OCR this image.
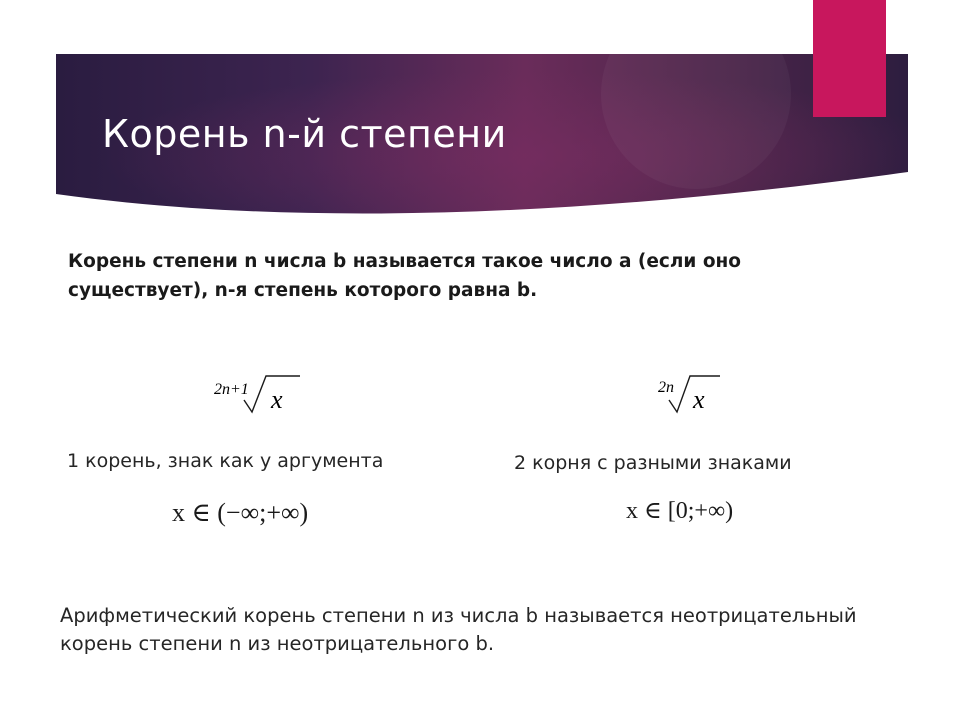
Корень n-й степени
Корень степени n числа b называется такое число a (если оно существует), n-я степень которого равна b.
2n+1 x	2n x
1 корень, знак как у аргумента	2 корня с разными знаками
x ∈ (−∞;+∞)	x ∈ [0;+∞)
Арифметический корень степени n из числа b называется неотрицательный корень степени n из неотрицательного b.
